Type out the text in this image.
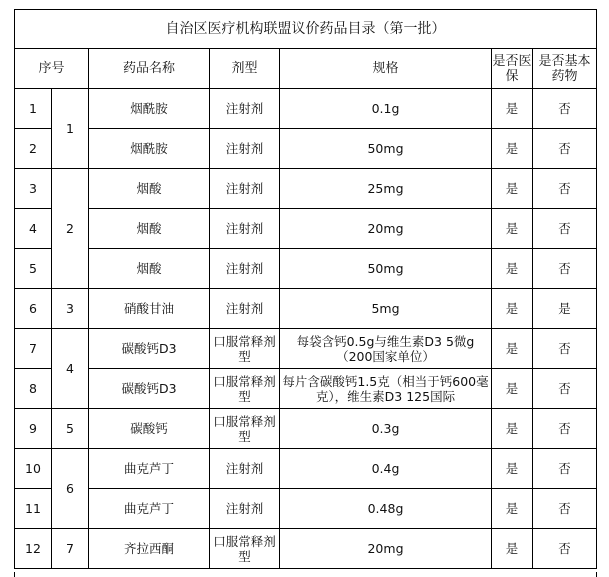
自治区医疗机构联盟议价药品目录（第一批）						
序号		药品名称	剂型	规格	是否医保	是否基本药物
1	1	烟酰胺	注射剂	0.1g	是	否
2		烟酰胺	注射剂	50mg	是	否
3	2	烟酸	注射剂	25mg	是	否
4		烟酸	注射剂	20mg	是	否
5		烟酸	注射剂	50mg	是	否
6	3	硝酸甘油	注射剂	5mg	是	是
7	4	碳酸钙D3	口服常释剂型	每袋含钙0.5g与维生素D3 5微g（200国家单位）	是	否
8		碳酸钙D3	口服常释剂型	每片含碳酸钙1.5克（相当于钙600毫克），维生素D3 125国际	是	否
9	5	碳酸钙	口服常释剂型	0.3g	是	否
10	6	曲克芦丁	注射剂	0.4g	是	否
11		曲克芦丁	注射剂	0.48g	是	否
12	7	齐拉西酮	口服常释剂型	20mg	是	否
